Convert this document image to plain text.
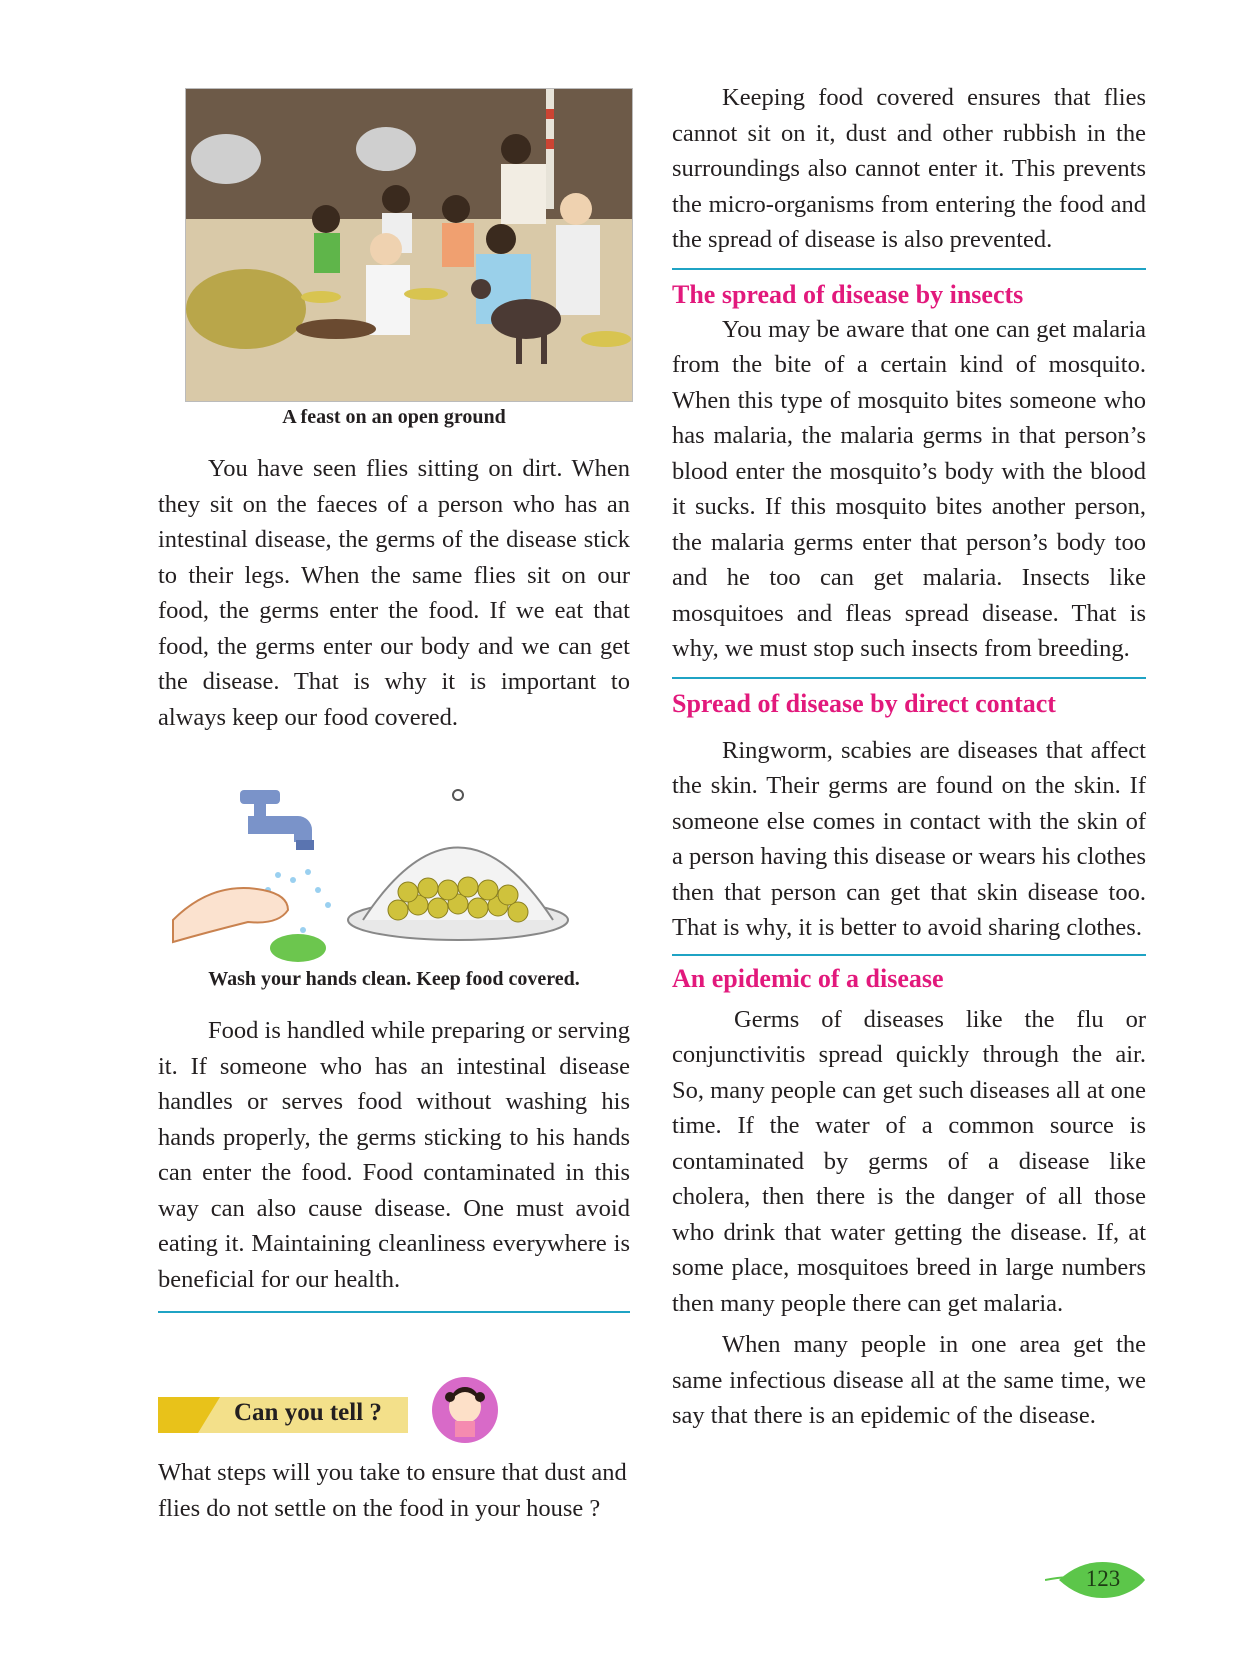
A feast on an open ground

You have seen flies sitting on dirt. When they sit on the faeces of a person who has an intestinal disease, the germs of the disease stick to their legs. When the same flies sit on our food, the germs enter the food. If we eat that food, the germs enter our body and we can get the disease. That is why it is important to always keep our food covered.

Wash your hands clean. Keep food covered.

Food is handled while preparing or serving it. If someone who has an intestinal disease handles or serves food without washing his hands properly, the germs sticking to his hands can enter the food. Food contaminated in this way can also cause disease. One must avoid eating it. Maintaining cleanliness everywhere is beneficial for our health.

Can you tell ?

What steps will you take to ensure that dust and flies do not settle on the food in your house ?

Keeping food covered ensures that flies cannot sit on it, dust and other rubbish in the surroundings also cannot enter it. This prevents the micro-organisms from entering the food and the spread of disease is also prevented.

The spread of disease by insects

You may be aware that one can get malaria from the bite of a certain kind of mosquito. When this type of mosquito bites someone who has malaria, the malaria germs in that person’s blood enter the mosquito’s body with the blood it sucks. If this mosquito bites another person, the malaria germs enter that person’s body too and he too can get malaria. Insects like mosquitoes and fleas spread disease. That is why, we must stop such insects from breeding.

Spread of disease by direct contact

Ringworm, scabies are diseases that affect the skin. Their germs are found on the skin. If someone else comes in contact with the skin of a person having this disease or wears his clothes then that person can get that skin disease too. That is why, it is better to avoid sharing clothes.

An epidemic of a disease

Germs of diseases like the flu or conjunctivitis spread quickly through the air. So, many people can get such diseases all at one time. If the water of a common source is contaminated by germs of a disease like cholera, then there is the danger of all those who drink that water getting the disease. If, at some place, mosquitoes breed in large numbers then many people there can get malaria.

When many people in one area get the same infectious disease all at the same time, we say that there is an epidemic of the disease.

123
